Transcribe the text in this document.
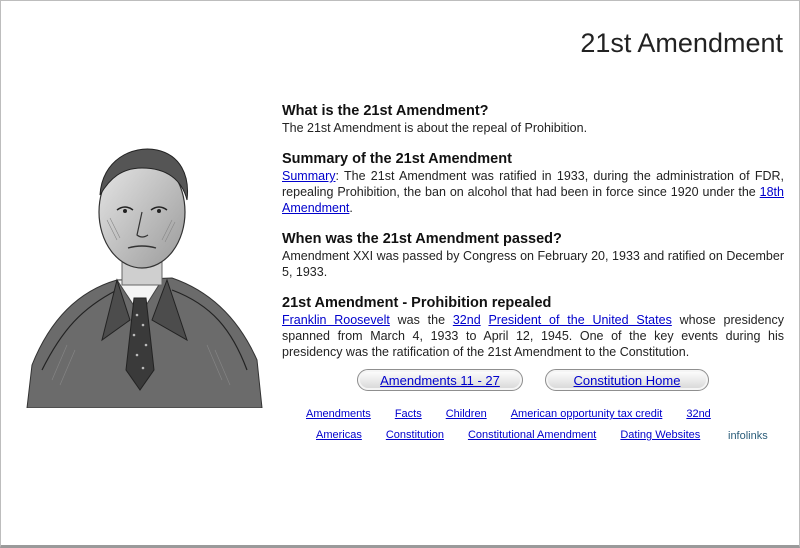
21st Amendment
What is the 21st Amendment?

The 21st Amendment is about the repeal of Prohibition.

Summary of the 21st Amendment

Summary: The 21st Amendment was ratified in 1933, during the administration of FDR, repealing Prohibition, the ban on alcohol that had been in force since 1920 under the 18th Amendment.

When was the 21st Amendment passed?

Amendment XXI was passed by Congress on February 20, 1933 and ratified on December 5, 1933.

21st Amendment - Prohibition repealed

Franklin Roosevelt was the 32nd President of the United States whose presidency spanned from March 4, 1933 to April 12, 1945. One of the key events during his presidency was the ratification of the 21st Amendment to the Constitution.

Amendments 11 - 27	Constitution Home
Amendments Facts Children American opportunity tax credit 32nd
Americas Constitution Constitutional Amendment Dating Websites	infolinks
